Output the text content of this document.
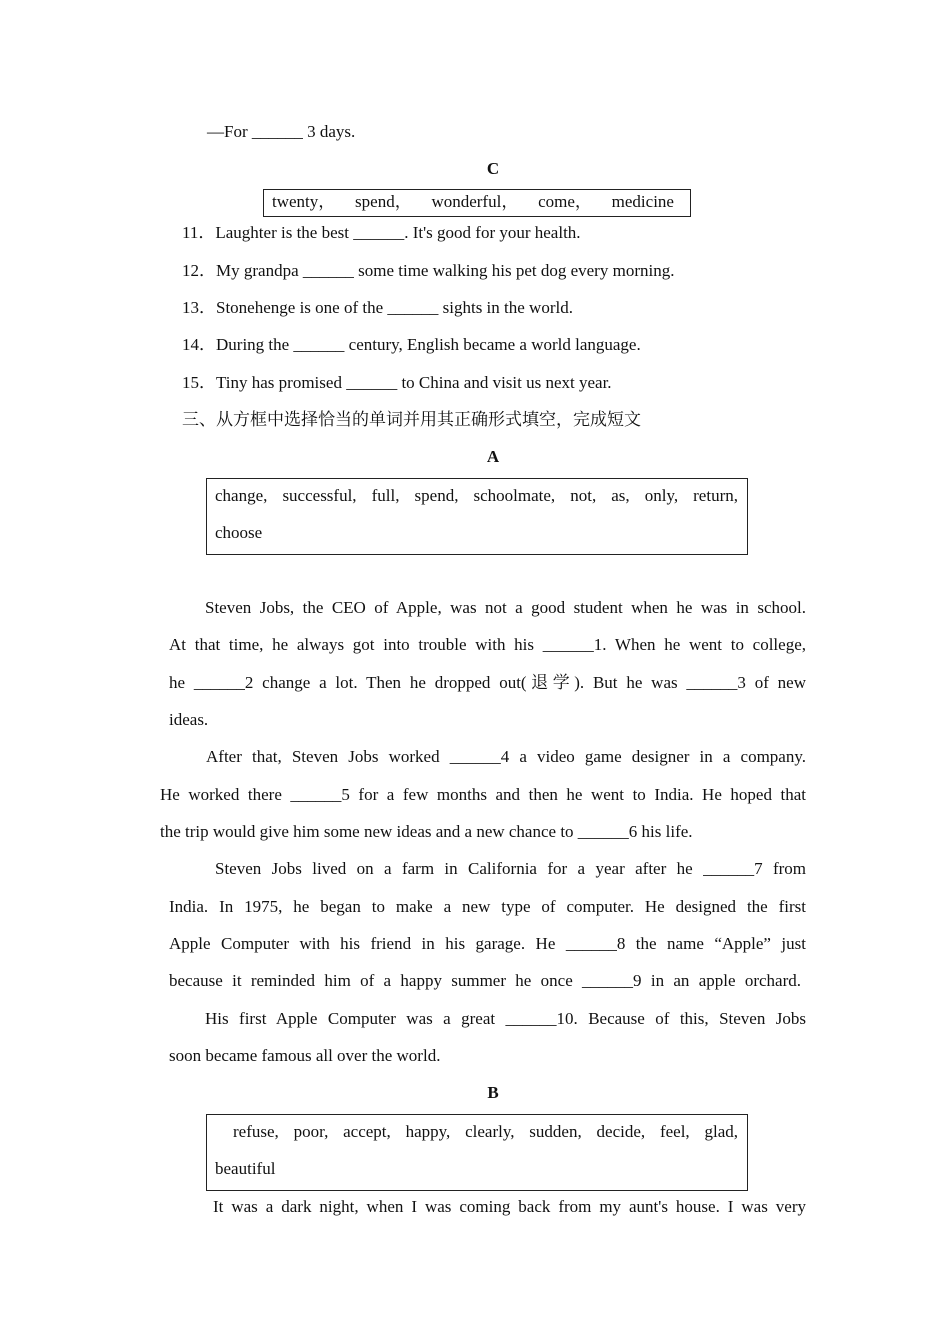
—For ______ 3 days.
C
twenty， spend， wonderful， come， medicine
11．Laughter is the best ______. It's good for your health.
12．My grandpa ______ some time walking his pet dog every morning.
13．Stonehenge is one of the ______ sights in the world.
14．During the ______ century, English became a world language.
15．Tiny has promised ______ to China and visit us next year.
三、从方框中选择恰当的单词并用其正确形式填空，完成短文
A
change, successful, full, spend, schoolmate, not, as, only, return,
choose
Steven Jobs, the CEO of Apple, was not a good student when he was in school.
At that time, he always got into trouble with his ______1. When he went to college,
he ______2 change a lot. Then he dropped out(退学). But he was ______3 of new
ideas.
After that, Steven Jobs worked ______4 a video game designer in a company.
He worked there ______5 for a few months and then he went to India. He hoped that
the trip would give him some new ideas and a new chance to ______6 his life.
Steven Jobs lived on a farm in California for a year after he ______7 from
India. In 1975, he began to make a new type of computer. He designed the first
Apple Computer with his friend in his garage. He ______8 the name “Apple” just
because it reminded him of a happy summer he once ______9 in an apple orchard.
His first Apple Computer was a great ______10. Because of this, Steven Jobs
soon became famous all over the world.
B
refuse, poor, accept, happy, clearly, sudden, decide, feel, glad,
beautiful
It was a dark night, when I was coming back from my aunt's house. I was very
